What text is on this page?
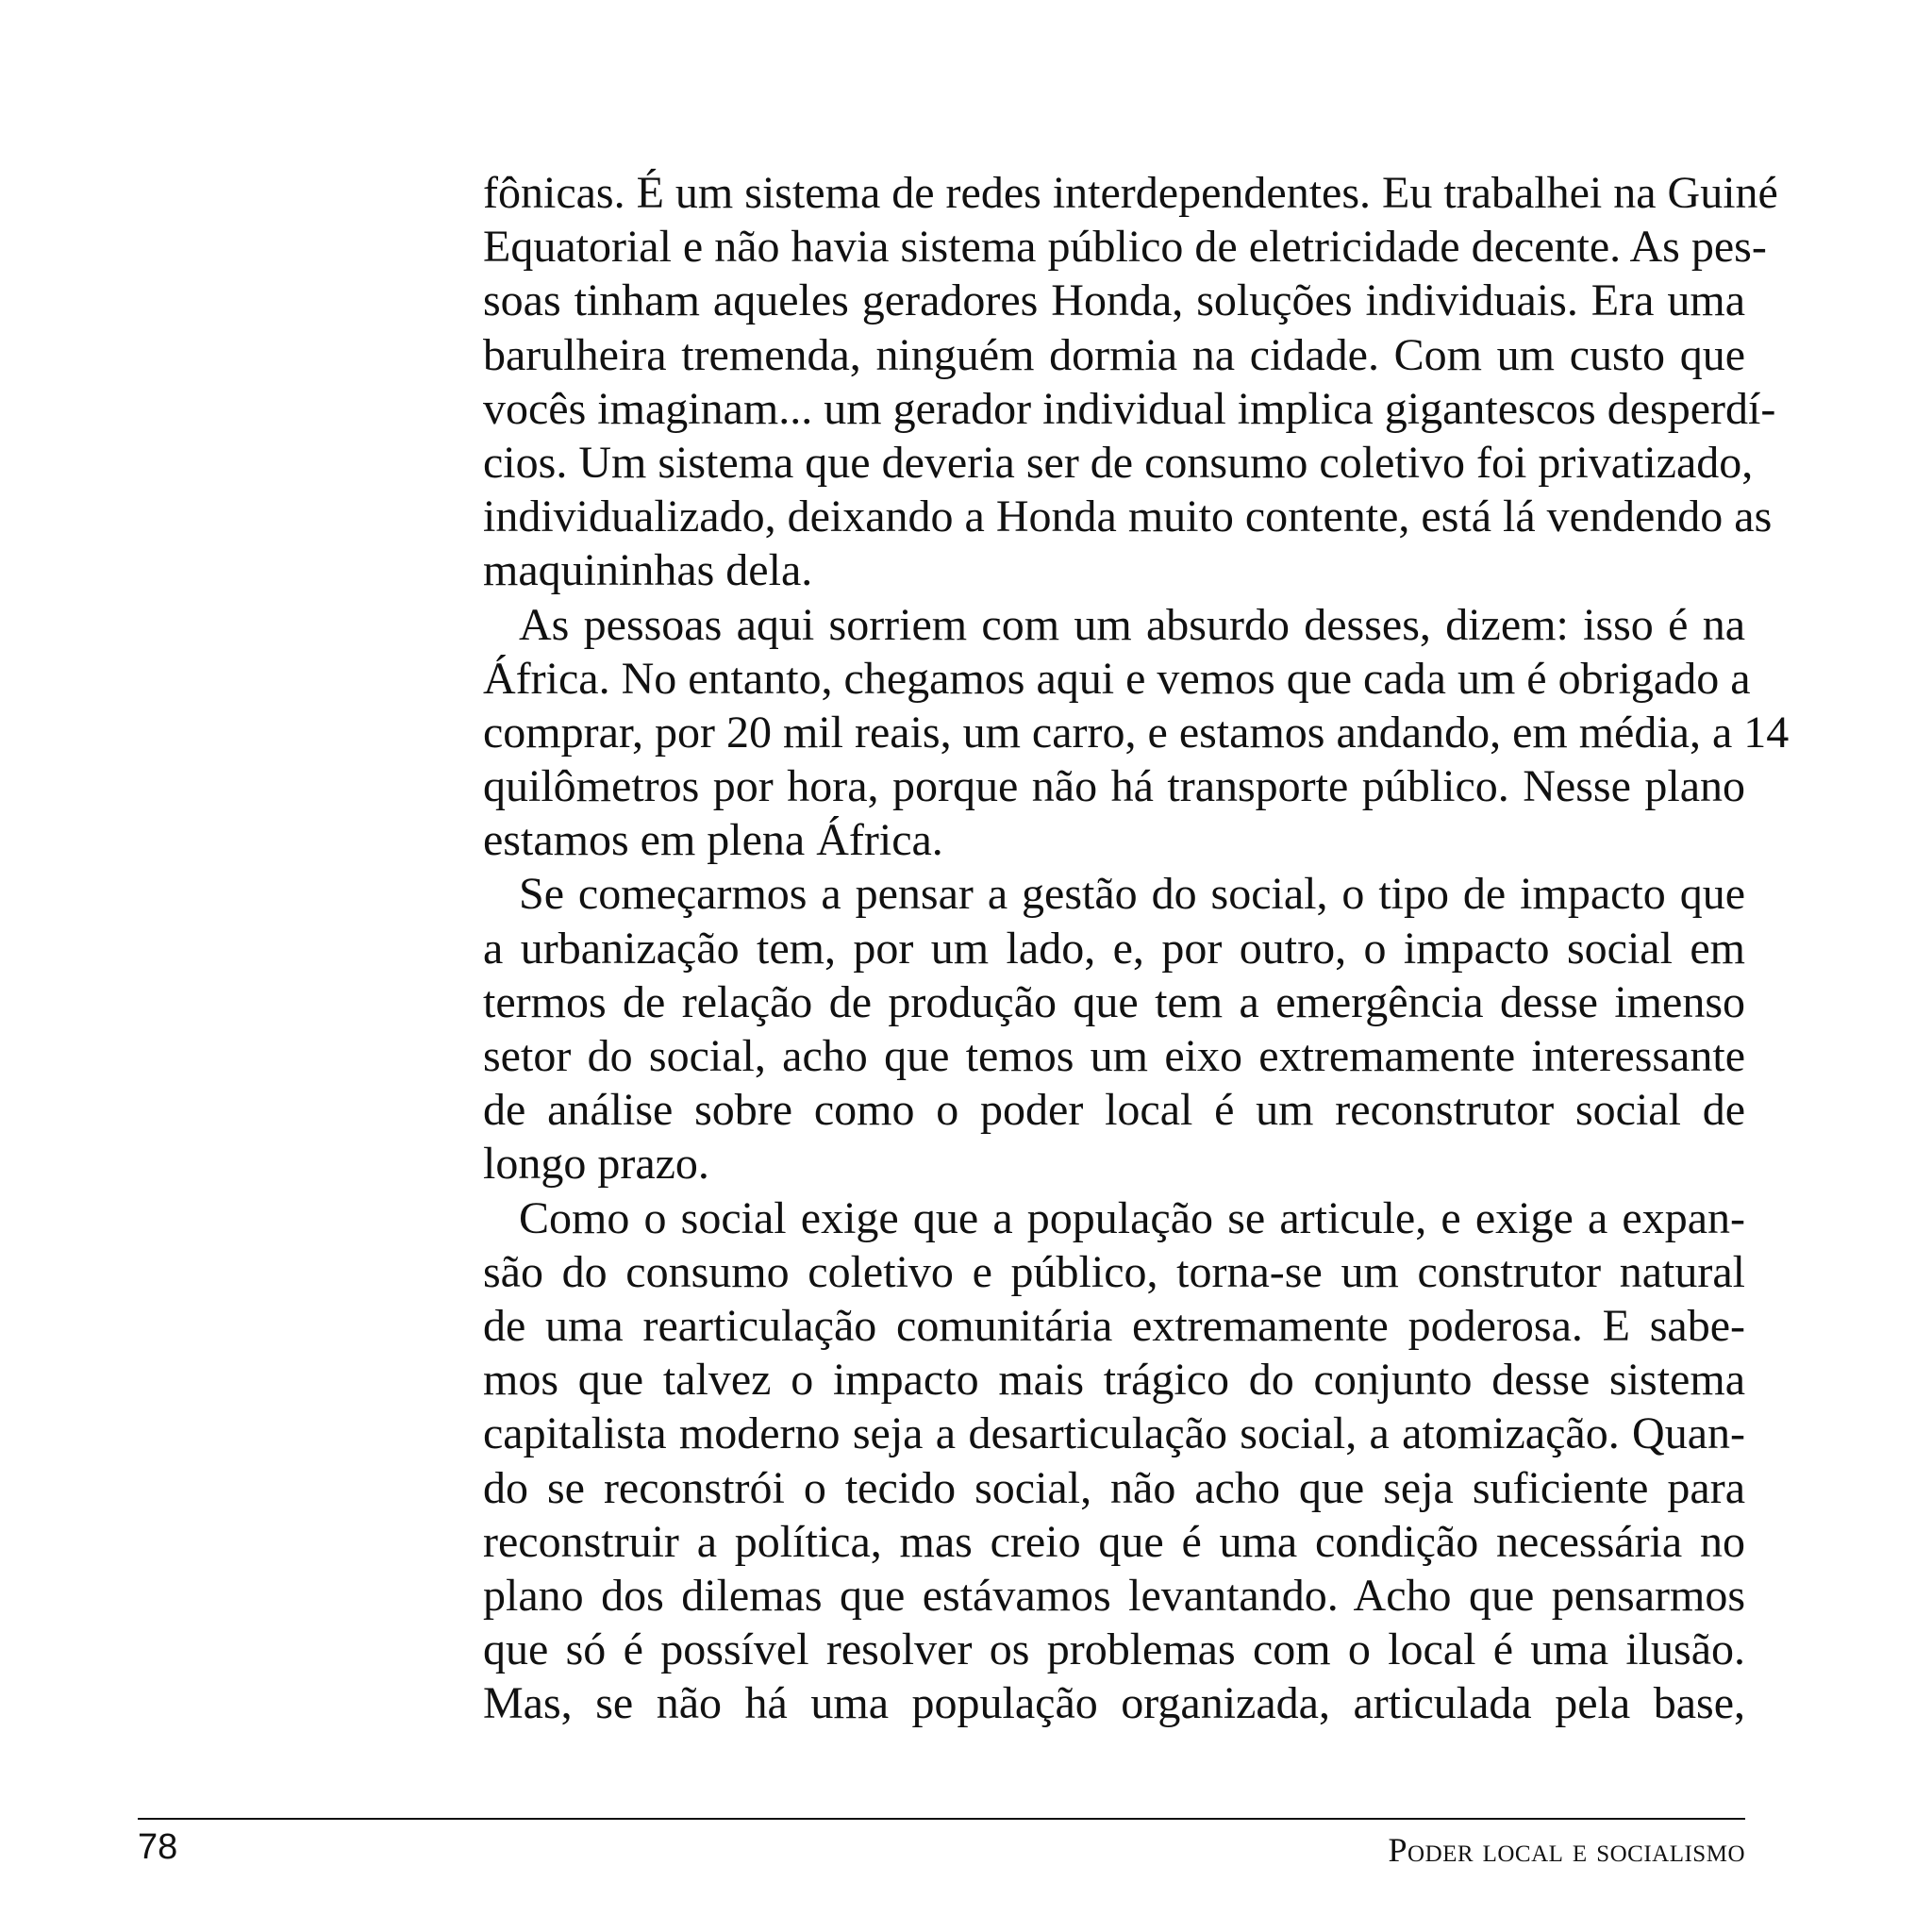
fônicas. É um sistema de redes interdependentes. Eu trabalhei na Guiné
Equatorial e não havia sistema público de eletricidade decente. As pes-
soas tinham aqueles geradores Honda, soluções individuais. Era uma
barulheira tremenda, ninguém dormia na cidade. Com um custo que
vocês imaginam... um gerador individual implica gigantescos desperdí-
cios. Um sistema que deveria ser de consumo coletivo foi privatizado,
individualizado, deixando a Honda muito contente, está lá vendendo as
maquininhas dela.
As pessoas aqui sorriem com um absurdo desses, dizem: isso é na
África. No entanto, chegamos aqui e vemos que cada um é obrigado a
comprar, por 20 mil reais, um carro, e estamos andando, em média, a 14
quilômetros por hora, porque não há transporte público. Nesse plano
estamos em plena África.
Se começarmos a pensar a gestão do social, o tipo de impacto que
a urbanização tem, por um lado, e, por outro, o impacto social em
termos de relação de produção que tem a emergência desse imenso
setor do social, acho que temos um eixo extremamente interessante
de análise sobre como o poder local é um reconstrutor social de
longo prazo.
Como o social exige que a população se articule, e exige a expan-
são do consumo coletivo e público, torna-se um construtor natural
de uma rearticulação comunitária extremamente poderosa. E sabe-
mos que talvez o impacto mais trágico do conjunto desse sistema
capitalista moderno seja a desarticulação social, a atomização. Quan-
do se reconstrói o tecido social, não acho que seja suficiente para
reconstruir a política, mas creio que é uma condição necessária no
plano dos dilemas que estávamos levantando. Acho que pensarmos
que só é possível resolver os problemas com o local é uma ilusão.
Mas, se não há uma população organizada, articulada pela base,
78	Poder local e socialismo
